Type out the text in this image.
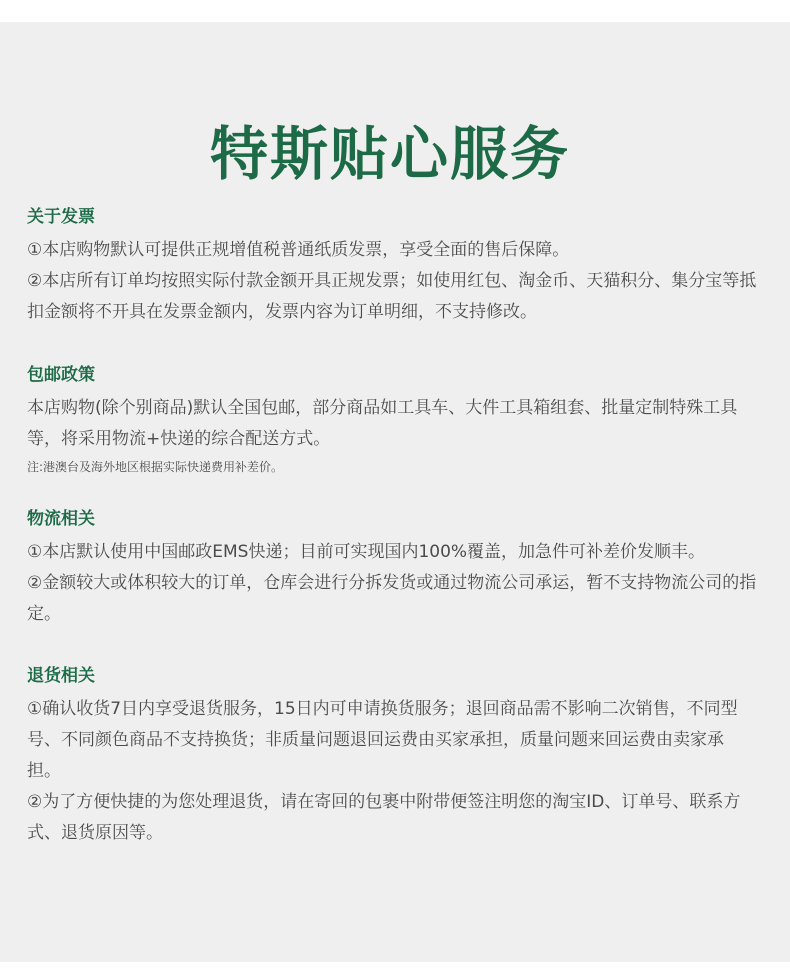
特斯贴心服务
关于发票

①本店购物默认可提供正规增值税普通纸质发票，享受全面的售后保障。

②本店所有订单均按照实际付款金额开具正规发票；如使用红包、淘金币、天猫积分、集分宝等抵扣金额将不开具在发票金额内，发票内容为订单明细，不支持修改。

包邮政策

本店购物(除个别商品)默认全国包邮，部分商品如工具车、大件工具箱组套、批量定制特殊工具等，将采用物流+快递的综合配送方式。

注:港澳台及海外地区根据实际快递费用补差价。

物流相关

①本店默认使用中国邮政EMS快递；目前可实现国内100%覆盖，加急件可补差价发顺丰。

②金额较大或体积较大的订单，仓库会进行分拆发货或通过物流公司承运，暂不支持物流公司的指定。

退货相关

①确认收货7日内享受退货服务，15日内可申请换货服务；退回商品需不影响二次销售，不同型号、不同颜色商品不支持换货；非质量问题退回运费由买家承担，质量问题来回运费由卖家承担。

②为了方便快捷的为您处理退货，请在寄回的包裹中附带便签注明您的淘宝ID、订单号、联系方式、退货原因等。
